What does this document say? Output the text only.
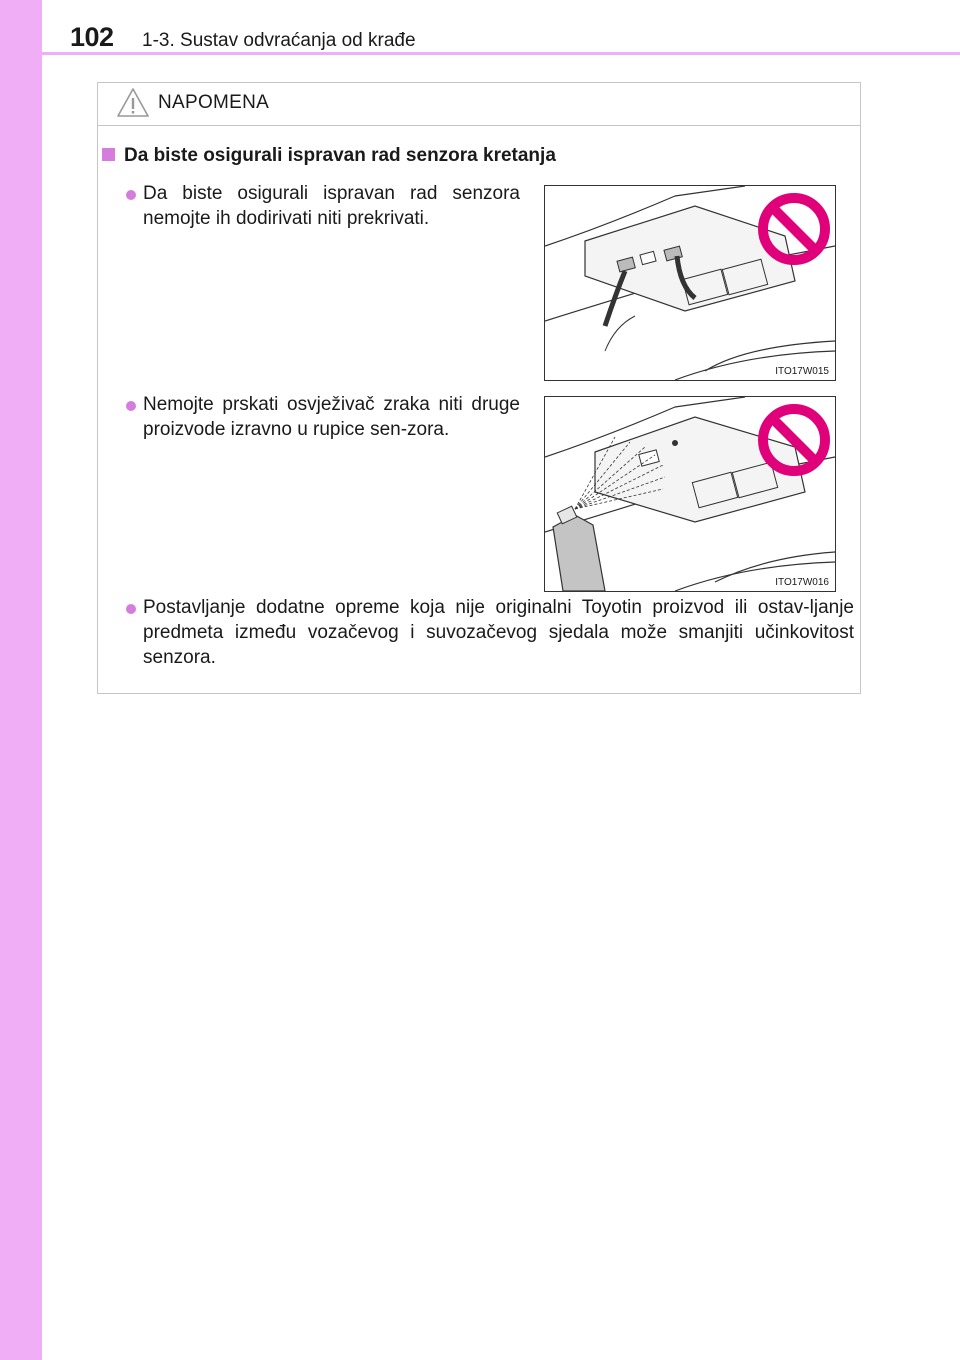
102 1-3. Sustav odvraćanja od krađe
NAPOMENA
Da biste osigurali ispravan rad senzora kretanja
Da biste osigurali ispravan rad senzora nemojte ih dodirivati niti prekrivati.
ITO17W015
Nemojte prskati osvježivač zraka niti druge proizvode izravno u rupice sen-zora.
ITO17W016
Postavljanje dodatne opreme koja nije originalni Toyotin proizvod ili ostav-ljanje predmeta između vozačevog i suvozačevog sjedala može smanjiti učinkovitost senzora.
